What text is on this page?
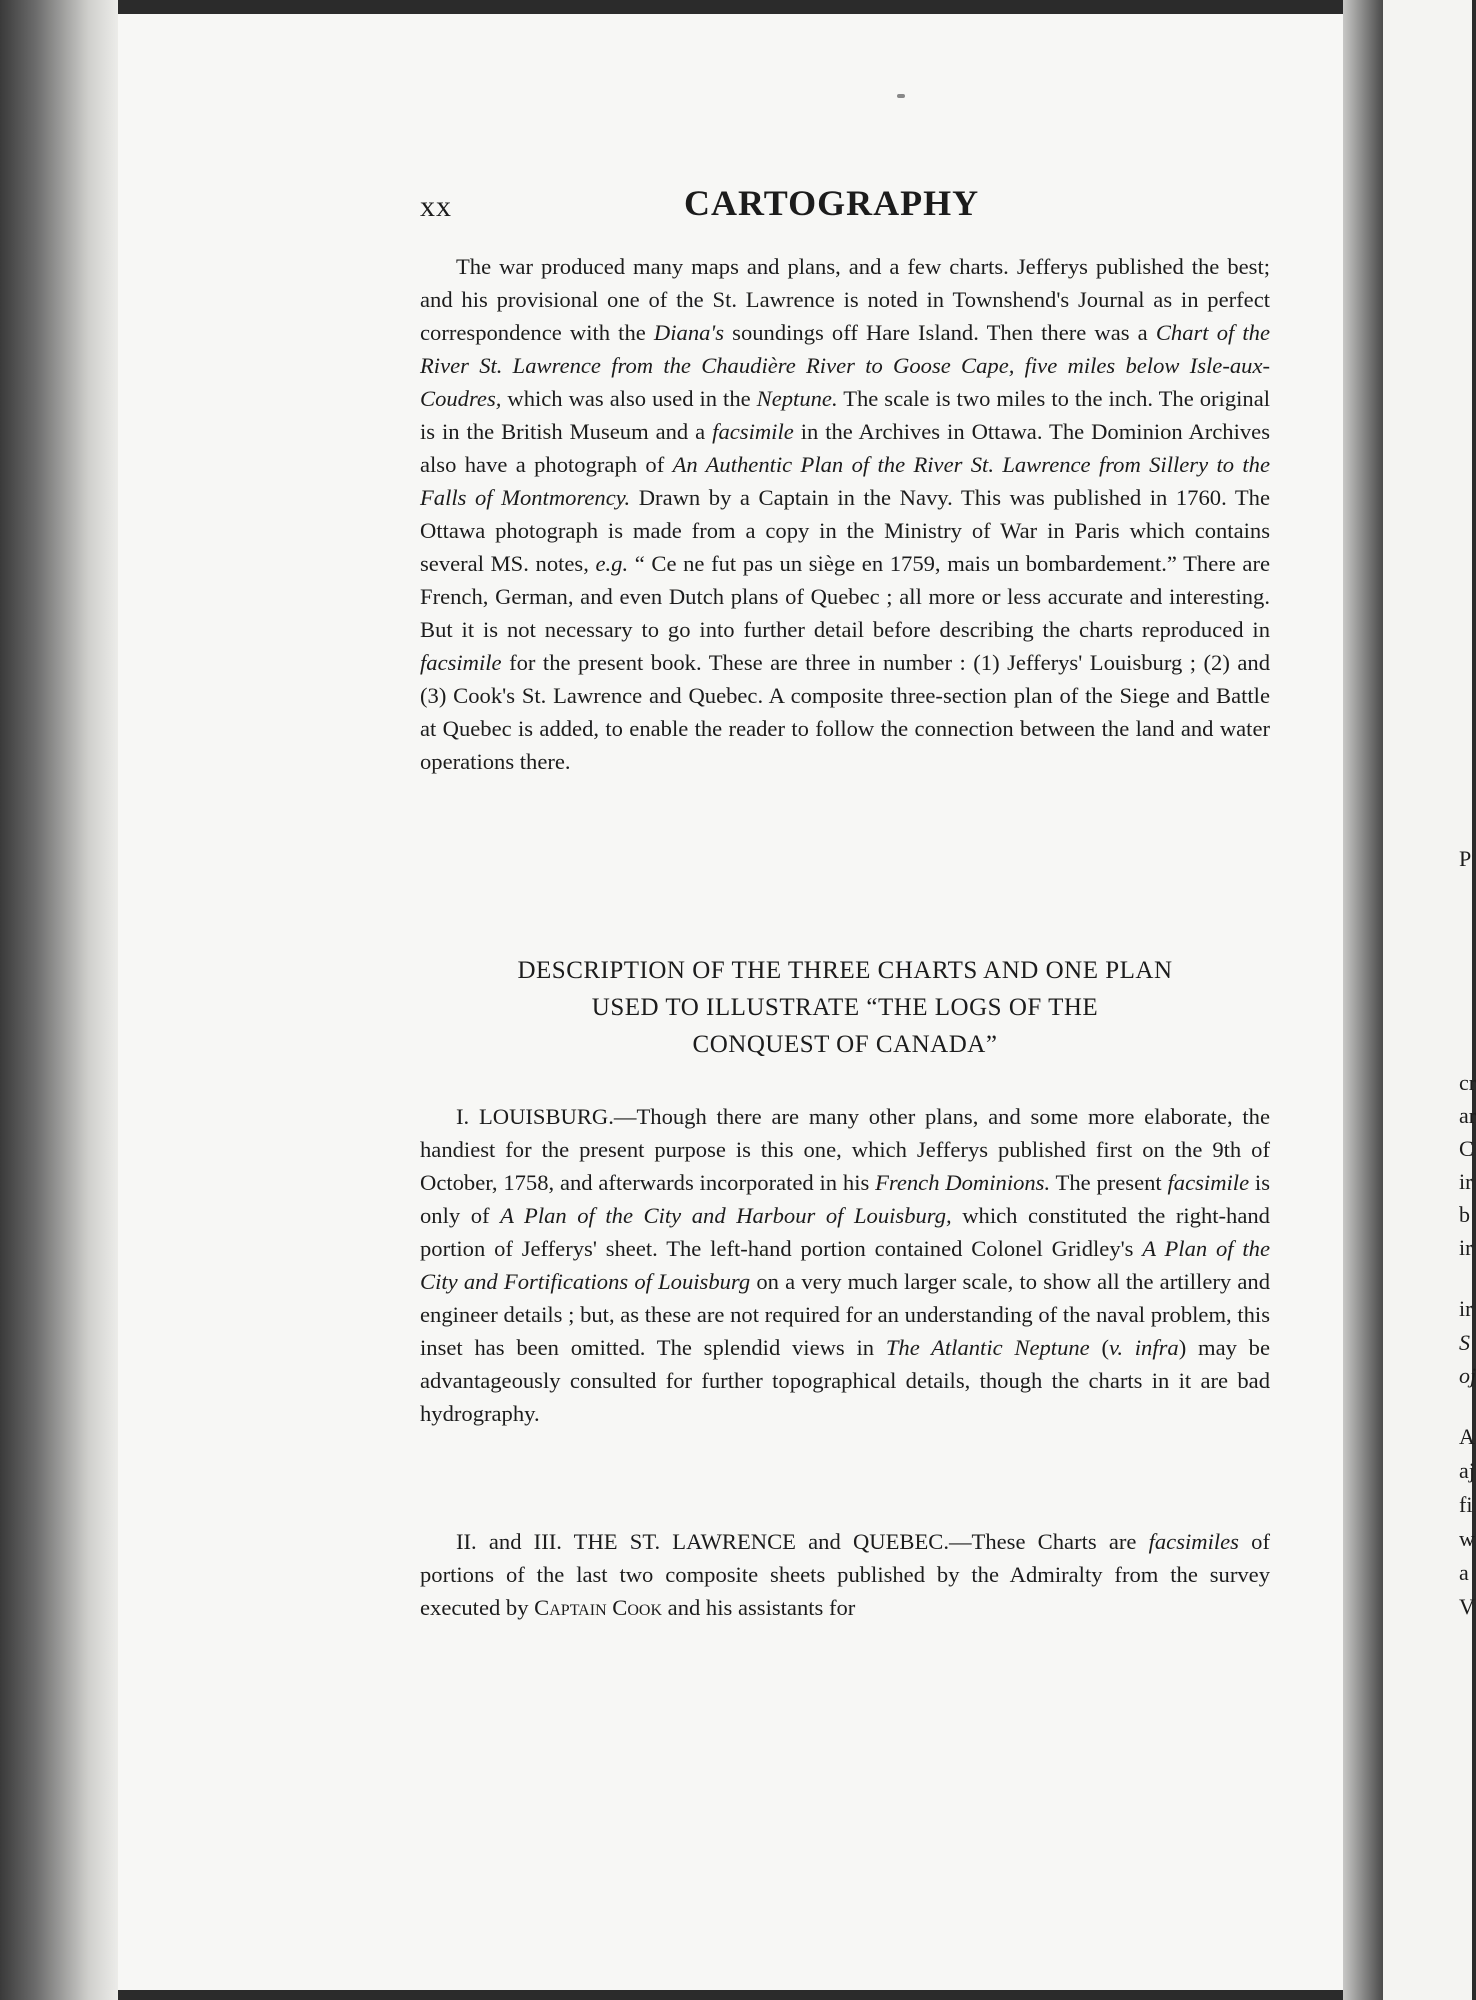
P
cr
ar
C
ir
b
ir
ir
S
oj
A
aj
fi
w
a
V
xx	CARTOGRAPHY

The war produced many maps and plans, and a few charts. Jefferys published the best; and his provisional one of the St. Lawrence is noted in Townshend's Journal as in perfect correspondence with the Diana's soundings off Hare Island. Then there was a Chart of the River St. Lawrence from the Chaudière River to Goose Cape, five miles below Isle-aux-Coudres, which was also used in the Neptune. The scale is two miles to the inch. The original is in the British Museum and a facsimile in the Archives in Ottawa. The Dominion Archives also have a photograph of An Authentic Plan of the River St. Lawrence from Sillery to the Falls of Montmorency. Drawn by a Captain in the Navy. This was published in 1760. The Ottawa photograph is made from a copy in the Ministry of War in Paris which contains several MS. notes, e.g. “ Ce ne fut pas un siège en 1759, mais un bombardement.” There are French, German, and even Dutch plans of Quebec ; all more or less accurate and interesting. But it is not necessary to go into further detail before describing the charts reproduced in facsimile for the present book. These are three in number : (1) Jefferys' Louisburg ; (2) and (3) Cook's St. Lawrence and Quebec. A composite three-section plan of the Siege and Battle at Quebec is added, to enable the reader to follow the connection between the land and water operations there.

DESCRIPTION OF THE THREE CHARTS AND ONE PLAN
USED TO ILLUSTRATE “THE LOGS OF THE
CONQUEST OF CANADA”

I. LOUISBURG.—Though there are many other plans, and some more elaborate, the handiest for the present purpose is this one, which Jefferys published first on the 9th of October, 1758, and afterwards incorporated in his French Dominions. The present facsimile is only of A Plan of the City and Harbour of Louisburg, which constituted the right-hand portion of Jefferys' sheet. The left-hand portion contained Colonel Gridley's A Plan of the City and Fortifications of Louisburg on a very much larger scale, to show all the artillery and engineer details ; but, as these are not required for an understanding of the naval problem, this inset has been omitted. The splendid views in The Atlantic Neptune (v. infra) may be advantageously consulted for further topographical details, though the charts in it are bad hydrography.

II. and III. THE ST. LAWRENCE and QUEBEC.—These Charts are facsimiles of portions of the last two composite sheets published by the Admiralty from the survey executed by Captain Cook and his assistants for
